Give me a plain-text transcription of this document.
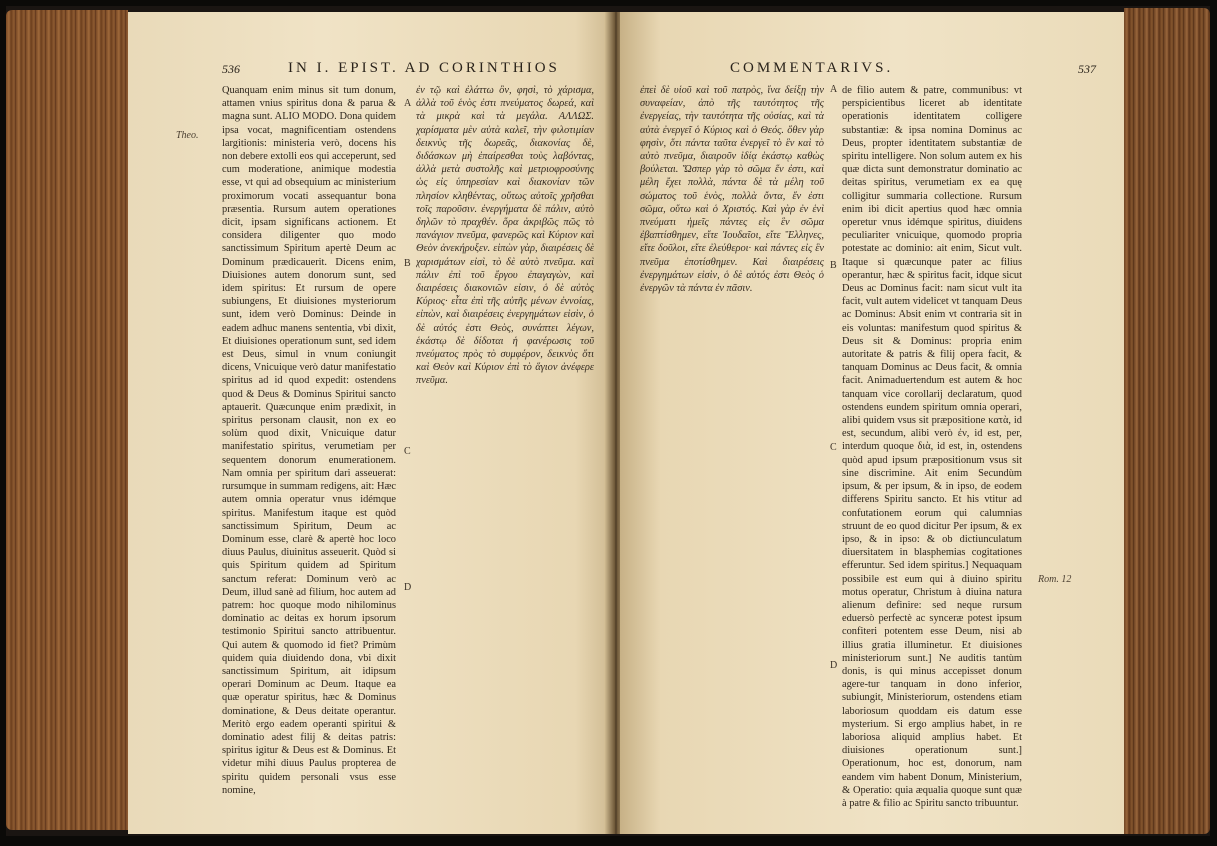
536	IN I. EPIST. AD CORINTHIOS
Theo.
Quanquam enim minus sit tum donum, attamen vnius spiritus dona & parua & magna sunt. ALIO MODO. Dona quidem ipsa vocat, magnificentiam ostendens largitionis: ministeria verò, docens his non debere extolli eos qui acceperunt, sed cum moderatione, animique modestia esse, vt qui ad obsequium ac ministerium proximorum vocati assequantur bona præsentia. Rursum autem operationes dicit, ipsam significans actionem. Et considera diligenter quo modo sanctissimum Spiritum apertè Deum ac Dominum prædicauerit. Dicens enim, Diuisiones autem donorum sunt, sed idem spiritus: Et rursum de opere subiungens, Et diuisiones mysteriorum sunt, idem verò Dominus: Deinde in eadem adhuc manens sententia, vbi dixit, Et diuisiones operationum sunt, sed idem est Deus, simul in vnum coniungit dicens, Vnicuique verò datur manifestatio spiritus ad id quod expedit: ostendens quod & Deus & Dominus Spiritui sancto aptauerit. Quæcunque enim prædixit, in spiritus personam clausit, non ex eo solùm quod dixit, Vnicuique datur manifestatio spiritus, verumetiam per sequentem donorum enumerationem. Nam omnia per spiritum dari asseuerat: rursumque in summam redigens, ait: Hæc autem omnia operatur vnus idémque spiritus. Manifestum itaque est quòd sanctissimum Spiritum, Deum ac Dominum esse, clarè & apertè hoc loco diuus Paulus, diuinitus asseuerit. Quòd si quis Spiritum quidem ad Spiritum sanctum referat: Dominum verò ac Deum, illud sanè ad filium, hoc autem ad patrem: hoc quoque modo nihilominus dominatio ac deitas ex horum ipsorum testimonio Spiritui sancto attribuentur. Qui autem & quomodo id fiet? Primùm quidem quia diuidendo dona, vbi dixit sanctissimum Spiritum, ait idipsum operari Dominum ac Deum. Itaque ea quæ operatur spiritus, hæc & Dominus dominatione, & Deus deitate operantur. Meritò ergo eadem operanti spiritui & dominatio adest filij & deitas patris: spiritus igitur & Deus est & Dominus. Et videtur mihi diuus Paulus propterea de spiritu quidem personali vsus esse nomine,
A
B
C
D
ἐν τῷ καὶ ἐλάττω ὂν, φησὶ, τὸ χάρισμα, ἀλλὰ τοῦ ἑνὸς ἐστι πνεύματος δωρεά, καὶ τὰ μικρὰ καὶ τὰ μεγάλα. ΑΛΛΩΣ. χαρίσματα μὲν αὐτὰ καλεῖ, τὴν φιλοτιμίαν δεικνὺς τῆς δωρεᾶς, διακονίας δὲ, διδάσκων μὴ ἐπαίρεσθαι τοὺς λαβόντας, ἀλλὰ μετὰ συστολῆς καὶ μετριοφροσύνης ὡς εἰς ὑπηρεσίαν καὶ διακονίαν τῶν πλησίον κληθέντας, οὕτως αὐτοῖς χρῆσθαι τοῖς παροῦσιν. ἐνεργήματα δὲ πάλιν, αὐτὸ δηλῶν τὸ πραχθέν. ὅρα ἀκριβῶς πῶς τὸ πανάγιον πνεῦμα, φανερῶς καὶ Κύριον καὶ Θεὸν ἀνεκήρυξεν. εἰπὼν γὰρ, διαιρέσεις δὲ χαρισμάτων εἰσὶ, τὸ δὲ αὐτὸ πνεῦμα. καὶ πάλιν ἐπὶ τοῦ ἔργου ἐπαγαγὼν, καὶ διαιρέσεις διακονιῶν εἰσιν, ὁ δὲ αὐτὸς Κύριος· εἶτα ἐπὶ τῆς αὐτῆς μένων ἐννοίας, εἰπὼν, καὶ διαιρέσεις ἐνεργημάτων εἰσὶν, ὁ δὲ αὐτός ἐστι Θεὸς, συνάπτει λέγων, ἑκάστῳ δὲ δίδοται ἡ φανέρωσις τοῦ πνεύματος πρὸς τὸ συμφέρον, δεικνὺς ὅτι καὶ Θεὸν καὶ Κύριον ἐπὶ τὸ ἅγιον ἀνέφερε πνεῦμα.
COMMENTARIVS.	537
ἐπεὶ δὲ υἱοῦ καὶ τοῦ πατρὸς, ἵνα δείξῃ τὴν συναφείαν, ἀπὸ τῆς ταυτότητος τῆς ἐνεργείας, τὴν ταυτότητα τῆς οὐσίας, καὶ τὰ αὐτὰ ἐνεργεῖ ὁ Κύριος καὶ ὁ Θεός. ὅθεν γὰρ φησὶν, ὅτι πάντα ταῦτα ἐνεργεῖ τὸ ἓν καὶ τὸ αὐτὸ πνεῦμα, διαιροῦν ἰδίᾳ ἑκάστῳ καθὼς βούλεται. Ὥσπερ γὰρ τὸ σῶμα ἕν ἐστι, καὶ μέλη ἔχει πολλὰ, πάντα δὲ τὰ μέλη τοῦ σώματος τοῦ ἑνὸς, πολλὰ ὄντα, ἕν ἐστι σῶμα, οὕτω καὶ ὁ Χριστός. Καὶ γὰρ ἐν ἑνὶ πνεύματι ἡμεῖς πάντες εἰς ἓν σῶμα ἐβαπτίσθημεν, εἴτε Ἰουδαῖοι, εἴτε Ἕλληνες, εἴτε δοῦλοι, εἴτε ἐλεύθεροι· καὶ πάντες εἰς ἓν πνεῦμα ἐποτίσθημεν. Καὶ διαιρέσεις ἐνεργημάτων εἰσὶν, ὁ δὲ αὐτός ἐστι Θεὸς ὁ ἐνεργῶν τὰ πάντα ἐν πᾶσιν.
A
B
C
D
de filio autem & patre, communibus: vt perspicientibus liceret ab identitate operationis identitatem colligere substantiæ: & ipsa nomina Dominus ac Deus, propter identitatem substantiæ de spiritu intelligere. Non solum autem ex his quæ dicta sunt demonstratur dominatio ac deitas spiritus, verumetiam ex ea quę colligitur summaria collectione. Rursum enim ibi dicit apertius quod hæc omnia operetur vnus idémque spiritus, diuidens peculiariter vnicuique, quomodo propria potestate ac dominio: ait enim, Sicut vult. Itaque si quæcunque pater ac filius operantur, hæc & spiritus facit, idque sicut Deus ac Dominus facit: nam sicut vult ita facit, vult autem videlicet vt tanquam Deus ac Dominus: Absit enim vt contraria sit in eis voluntas: manifestum quod spiritus & Deus sit & Dominus: propria enim autoritate & patris & filij opera facit, & tanquam Dominus ac Deus facit, & omnia facit. Animaduertendum est autem & hoc tanquam vice corollarij declaratum, quod ostendens eundem spiritum omnia operari, alibi quidem vsus sit præpositione κατὰ, id est, secundum, alibi verò ἐν, id est, per, interdum quoque διὰ, id est, in, ostendens quòd apud ipsum præpositionum vsus sit sine discrimine. Ait enim Secundùm ipsum, & per ipsum, & in ipso, de eodem differens Spiritu sancto. Et his vtitur ad confutationem eorum qui calumnias struunt de eo quod dicitur Per ipsum, & ex ipso, & in ipso: & ob dictiunculatum diuersitatem in blasphemias cogitationes efferuntur. Sed idem spiritus.] Nequaquam possibile est eum qui à diuino spiritu motus operatur, Christum à diuina natura alienum definire: sed neque rursum eduersò perfectè ac synceræ potest ipsum confiteri potentem esse Deum, nisi ab illius gratia illuminetur. Et diuisiones ministeriorum sunt.] Ne auditis tantùm donis, is qui minus accepisset donum agere-tur tanquam in dono inferior, subiungit, Ministeriorum, ostendens etiam laboriosum quoddam eis datum esse mysterium. Si ergo amplius habet, in re laboriosa aliquid amplius habet. Et diuisiones operationum sunt.] Operationum, hoc est, donorum, nam eandem vim habent Donum, Ministerium, & Operatio: quia æqualia quoque sunt quæ à patre & filio ac Spiritu sancto tribuuntur.
Rom. 12
